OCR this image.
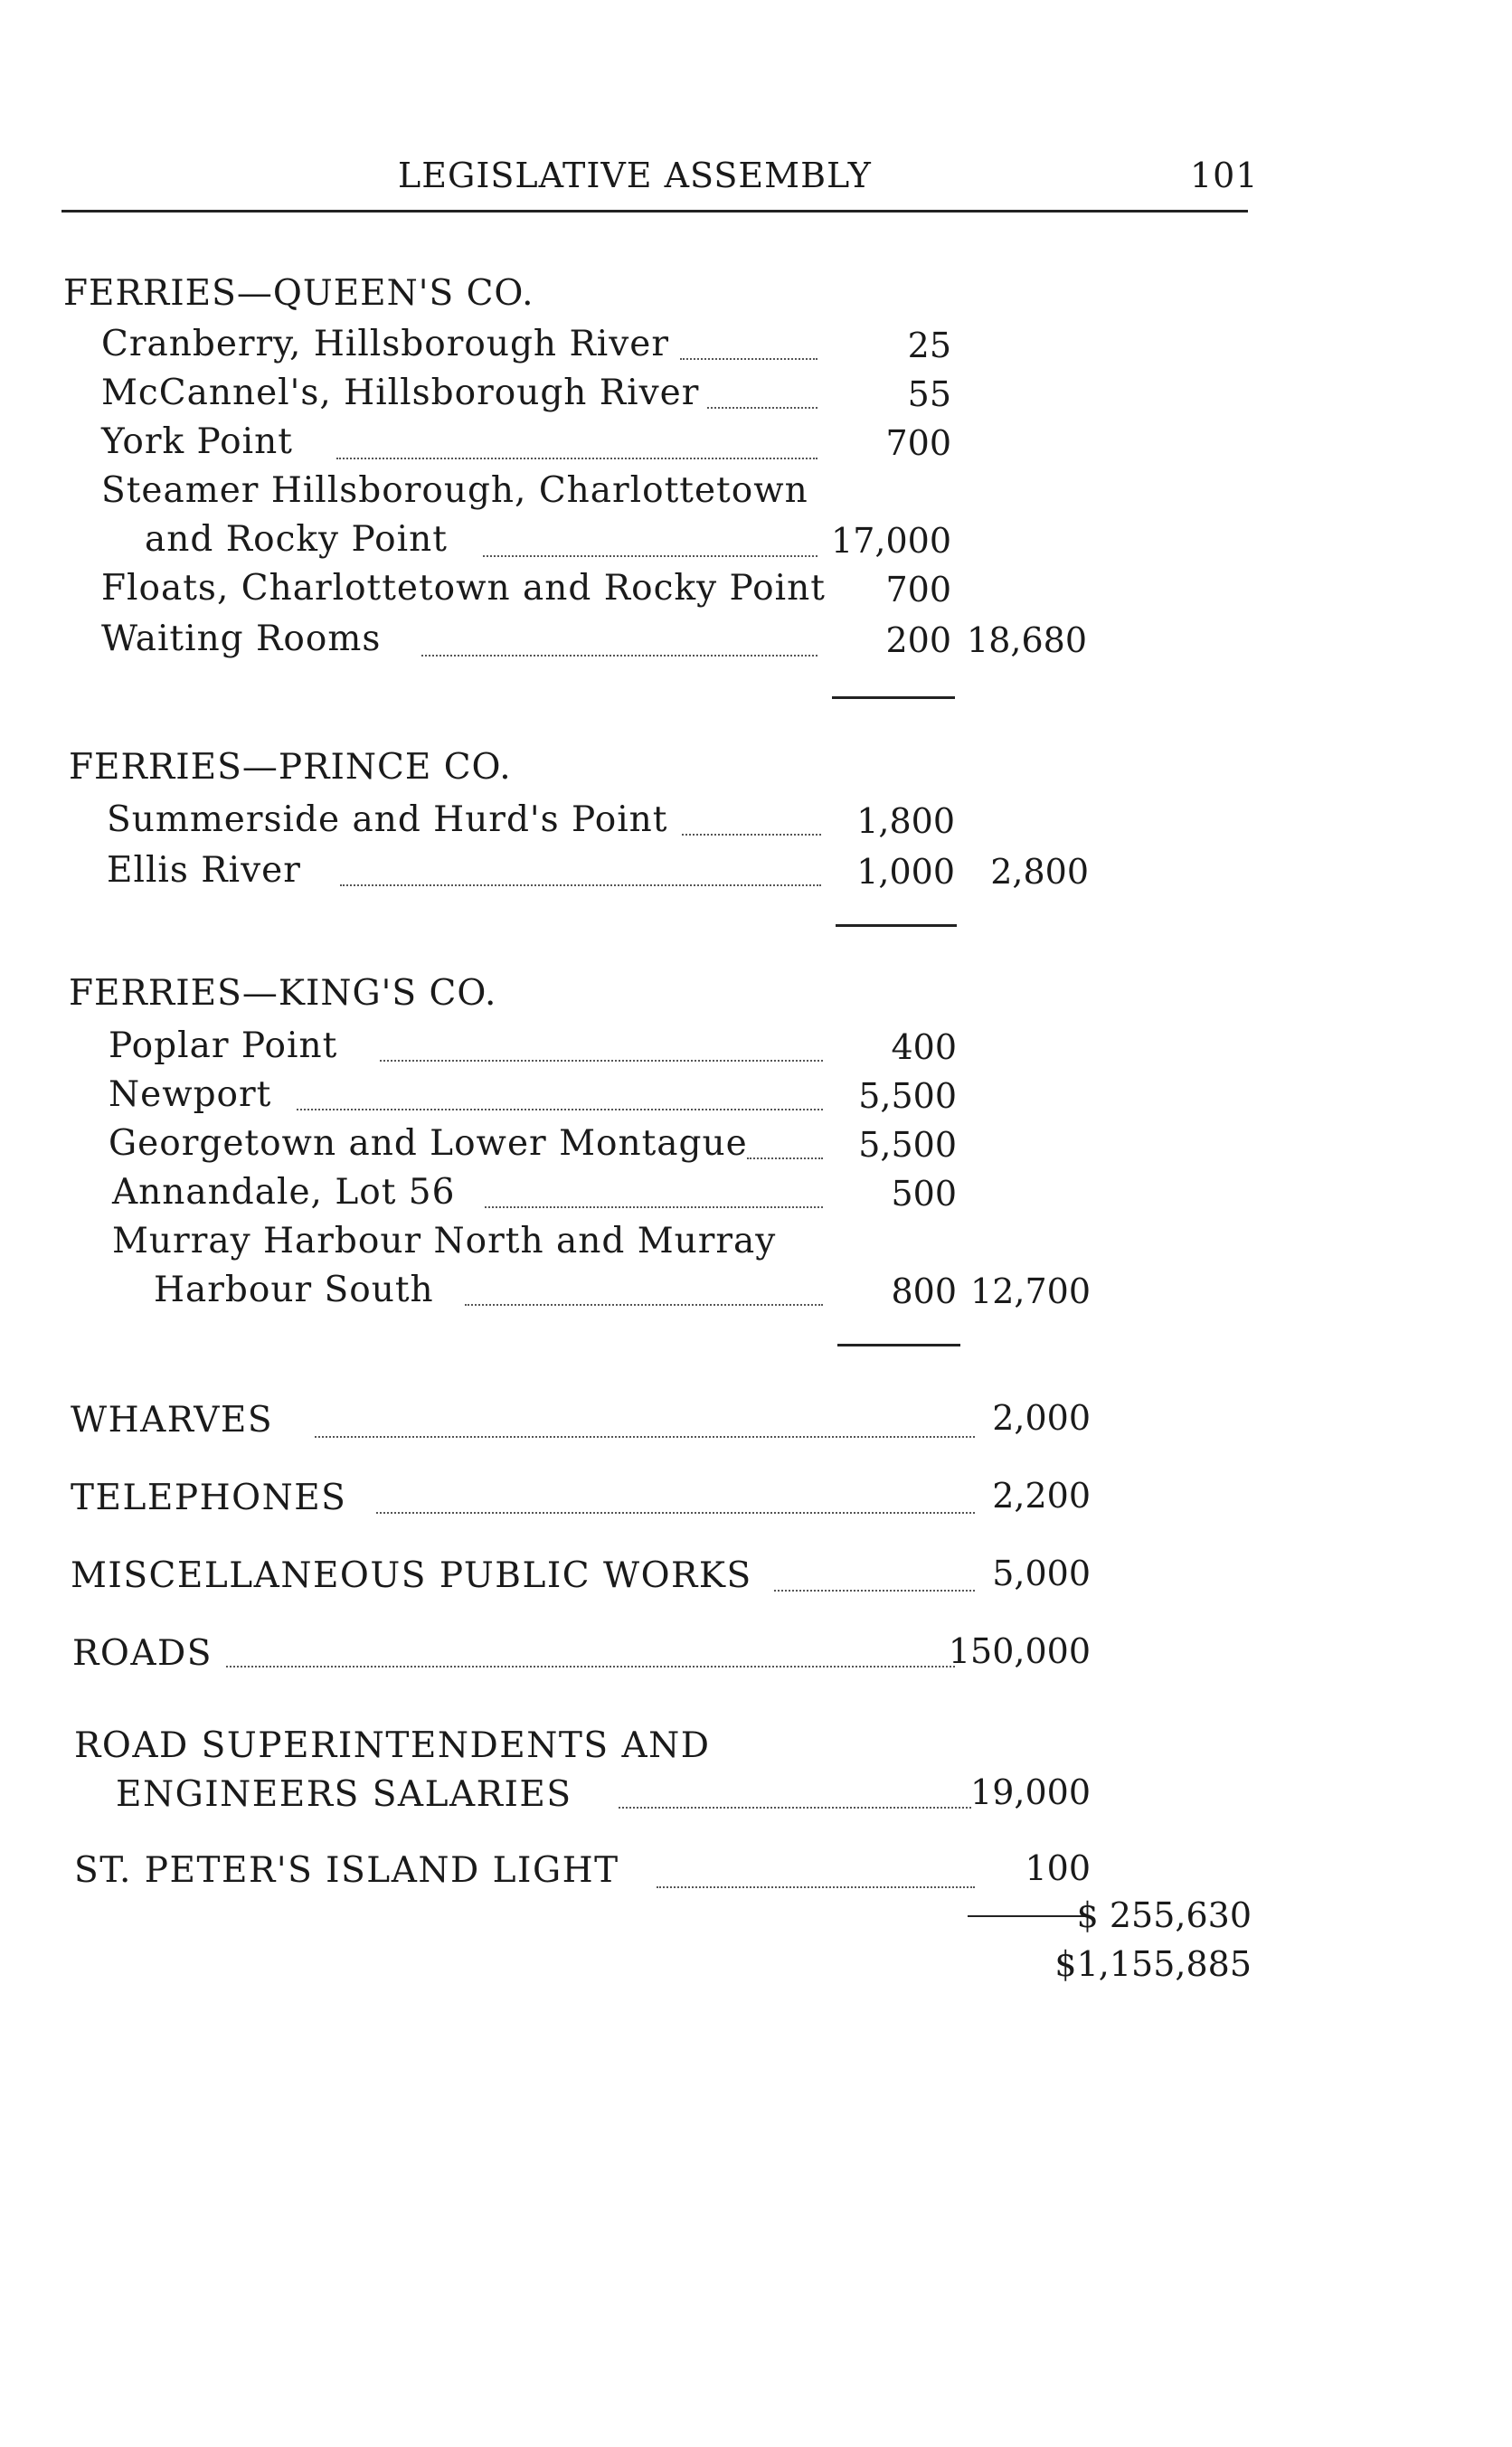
LEGISLATIVE ASSEMBLY	101
FERRIES—QUEEN'S CO.
Cranberry, Hillsborough River	25
McCannel's, Hillsborough River	55
York Point	700
Steamer Hillsborough, Charlottetown
and Rocky Point	17,000
Floats, Charlottetown and Rocky Point 700
Waiting Rooms	200 18,680
FERRIES—PRINCE CO.
Summerside and Hurd's Point	1,800
Ellis River	1,000 2,800
FERRIES—KING'S CO.
Poplar Point	400
Newport	5,500
Georgetown and Lower Montague	5,500
Annandale, Lot 56	500
Murray Harbour North and Murray
Harbour South	800 12,700
WHARVES	2,000
TELEPHONES	2,200
MISCELLANEOUS PUBLIC WORKS	5,000
ROADS	150,000
ROAD SUPERINTENDENTS AND
ENGINEERS SALARIES	19,000
ST. PETER'S ISLAND LIGHT	100
$ 255,630
$1,155,885
